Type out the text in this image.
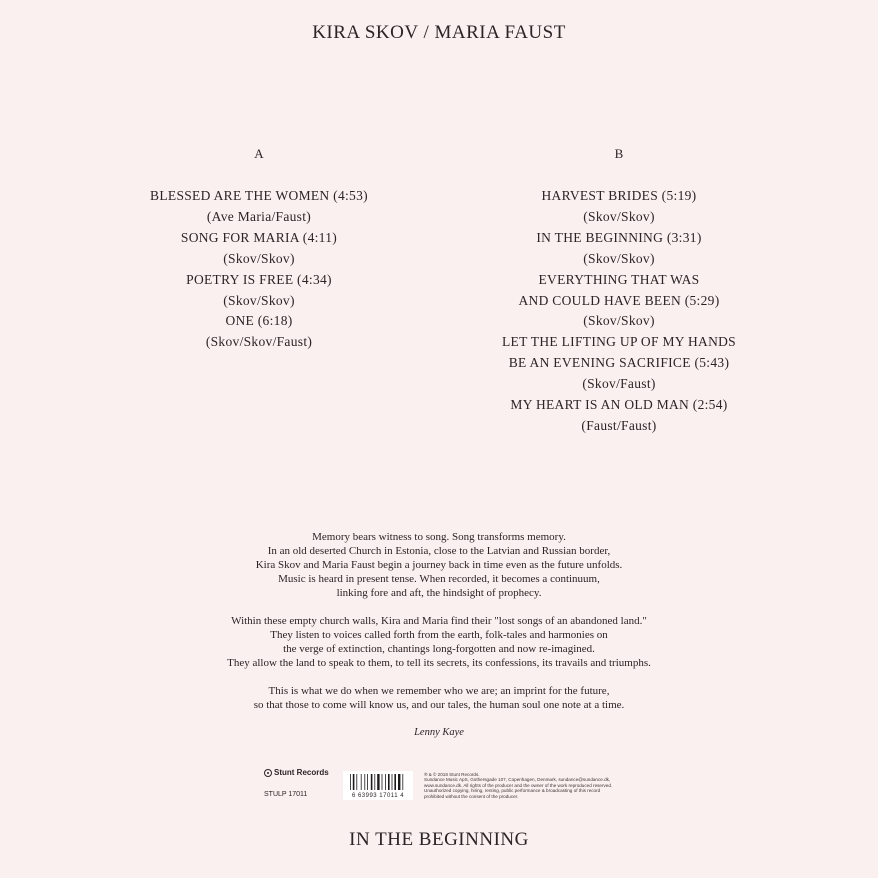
KIRA SKOV / MARIA FAUST
A
BLESSED ARE THE WOMEN (4:53)
(Ave Maria/Faust)
SONG FOR MARIA (4:11)
(Skov/Skov)
POETRY IS FREE (4:34)
(Skov/Skov)
ONE (6:18)
(Skov/Skov/Faust)
B
HARVEST BRIDES (5:19)
(Skov/Skov)
IN THE BEGINNING (3:31)
(Skov/Skov)
EVERYTHING THAT WAS
AND COULD HAVE BEEN (5:29)
(Skov/Skov)
LET THE LIFTING UP OF MY HANDS
BE AN EVENING SACRIFICE (5:43)
(Skov/Faust)
MY HEART IS AN OLD MAN (2:54)
(Faust/Faust)

Memory bears witness to song. Song transforms memory.
In an old deserted Church in Estonia, close to the Latvian and Russian border,
Kira Skov and Maria Faust begin a journey back in time even as the future unfolds.
Music is heard in present tense. When recorded, it becomes a continuum,
linking fore and aft, the hindsight of prophecy.

Within these empty church walls, Kira and Maria find their "lost songs of an abandoned land."
They listen to voices called forth from the earth, folk-tales and harmonies on
the verge of extinction, chantings long-forgotten and now re-imagined.
They allow the land to speak to them, to tell its secrets, its confessions, its travails and triumphs.

This is what we do when we remember who we are; an imprint for the future,
so that those to come will know us, and our tales, the human soul one note at a time.

Lenny Kaye

Stunt Records
STULP 17011	6 63993 17011 4
℗ & © 2018 Stunt Records.
Sundance Music ApS, Gothersgade 107, Copenhagen, Denmark, sundance@sundance.dk,
www.sundance.dk. All rights of the producer and the owner of the work reproduced reserved.
Unauthorized copying, hiring, renting, public performance & broadcasting of this record
prohibited without the consent of the producer.
IN THE BEGINNING
